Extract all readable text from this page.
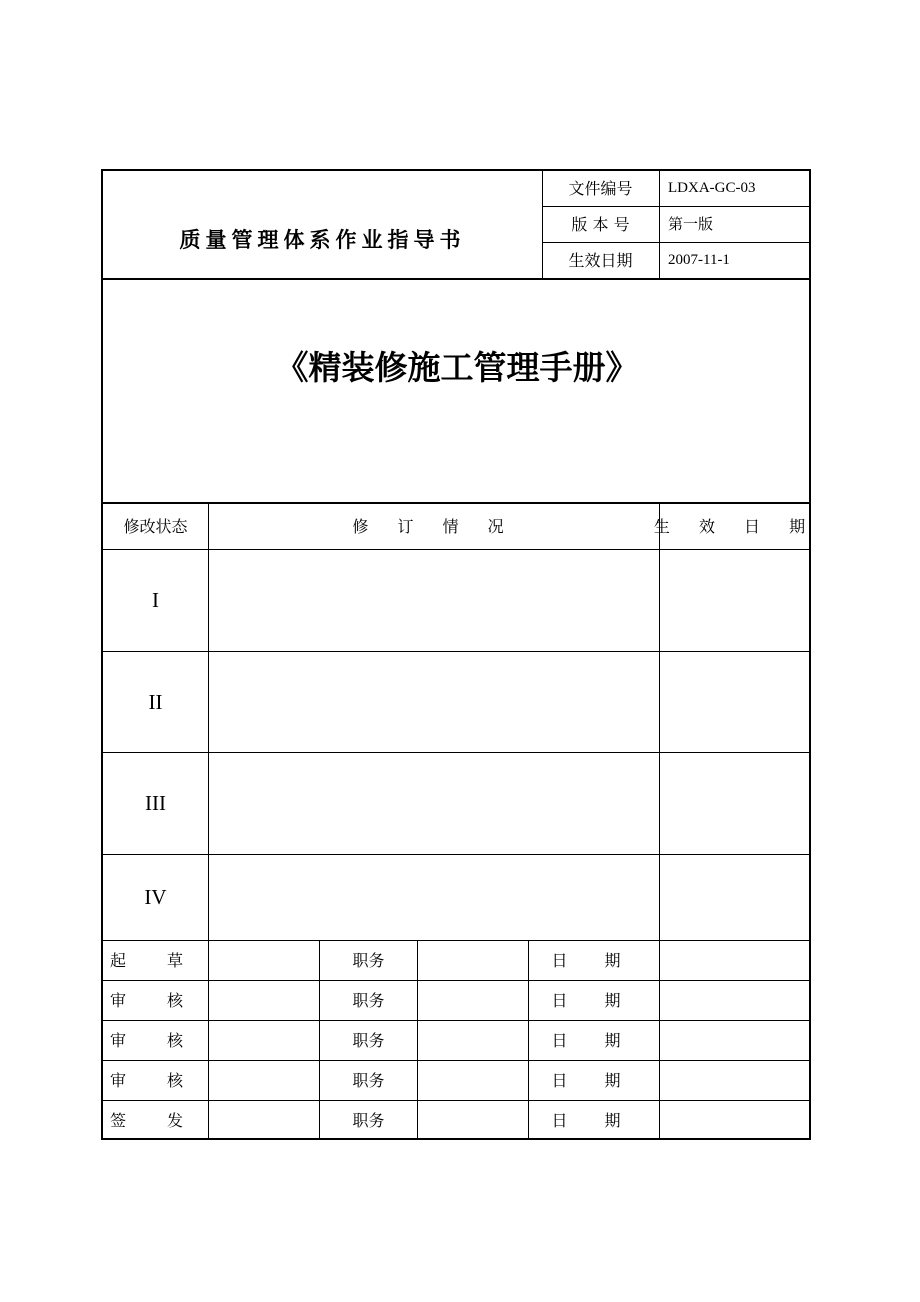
质量管理体系作业指导书
文件编号	LDXA-GC-03
版 本 号	第一版
生效日期	2007-11-1
《精装修施工管理手册》
修改状态	修 订 情 况	生 效 日 期
I
II
III
IV
起 草	职务	日 期
审 核	职务	日 期
审 核	职务	日 期
审 核	职务	日 期
签 发	职务	日 期
